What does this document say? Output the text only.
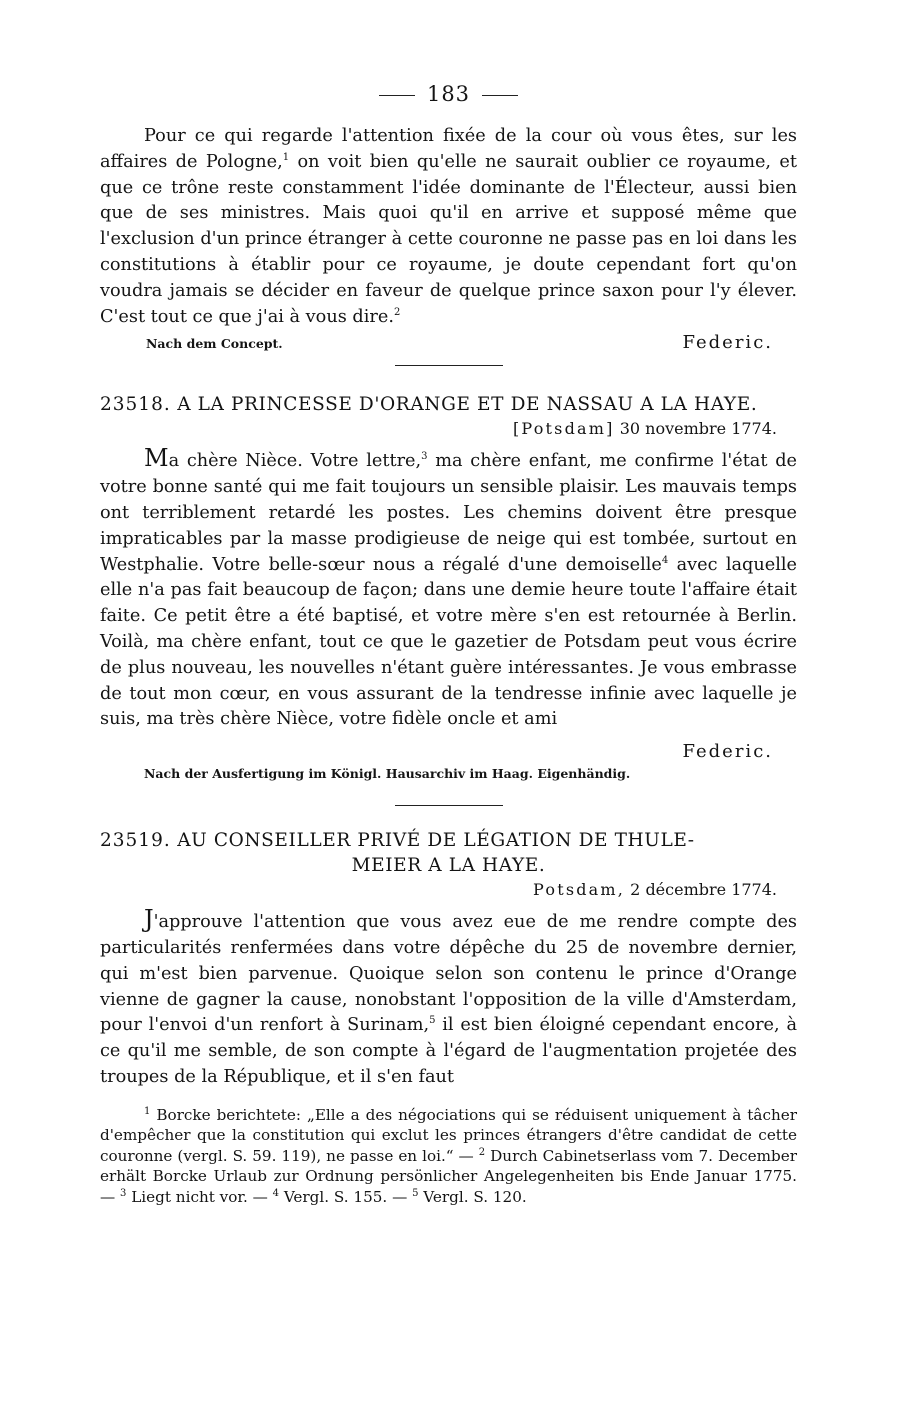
183

Pour ce qui regarde l'attention fixée de la cour où vous êtes, sur les affaires de Pologne,$^1$ on voit bien qu'elle ne saurait oublier ce royaume, et que ce trône reste constamment l'idée dominante de l'Électeur, aussi bien que de ses ministres. Mais quoi qu'il en arrive et supposé même que l'exclusion d'un prince étranger à cette couronne ne passe pas en loi dans les constitutions à établir pour ce royaume, je doute cependant fort qu'on voudra jamais se décider en faveur de quelque prince saxon pour l'y élever. C'est tout ce que j'ai à vous dire.$^2$

Nach dem Concept.	Federic.
23518. A LA PRINCESSE D'ORANGE ET DE NASSAU A LA HAYE.
[Potsdam] 30 novembre 1774.

Ma chère Nièce. Votre lettre,$^3$ ma chère enfant, me confirme l'état de votre bonne santé qui me fait toujours un sensible plaisir. Les mauvais temps ont terriblement retardé les postes. Les chemins doivent être presque impraticables par la masse prodigieuse de neige qui est tombée, surtout en Westphalie. Votre belle-sœur nous a régalé d'une demoiselle$^4$ avec laquelle elle n'a pas fait beaucoup de façon; dans une demie heure toute l'affaire était faite. Ce petit être a été baptisé, et votre mère s'en est retournée à Berlin. Voilà, ma chère enfant, tout ce que le gazetier de Potsdam peut vous écrire de plus nouveau, les nouvelles n'étant guère intéressantes. Je vous embrasse de tout mon cœur, en vous assurant de la tendresse infinie avec laquelle je suis, ma très chère Nièce, votre fidèle oncle et ami

Federic.
Nach der Ausfertigung im Königl. Hausarchiv im Haag. Eigenhändig.
23519. AU CONSEILLER PRIVÉ DE LÉGATION DE THULE-
MEIER A LA HAYE.
Potsdam, 2 décembre 1774.

J'approuve l'attention que vous avez eue de me rendre compte des particularités renfermées dans votre dépêche du 25 de novembre dernier, qui m'est bien parvenue. Quoique selon son contenu le prince d'Orange vienne de gagner la cause, nonobstant l'opposition de la ville d'Amsterdam, pour l'envoi d'un renfort à Surinam,$^5$ il est bien éloigné cependant encore, à ce qu'il me semble, de son compte à l'égard de l'augmentation projetée des troupes de la République, et il s'en faut

$^1$ Borcke berichtete: „Elle a des négociations qui se réduisent uniquement à tâcher d'empêcher que la constitution qui exclut les princes étrangers d'être candidat de cette couronne (vergl. S. 59. 119), ne passe en loi.“ — $^2$ Durch Cabinetserlass vom 7. December erhält Borcke Urlaub zur Ordnung persönlicher Angelegenheiten bis Ende Januar 1775. — $^3$ Liegt nicht vor. — $^4$ Vergl. S. 155. — $^5$ Vergl. S. 120.
